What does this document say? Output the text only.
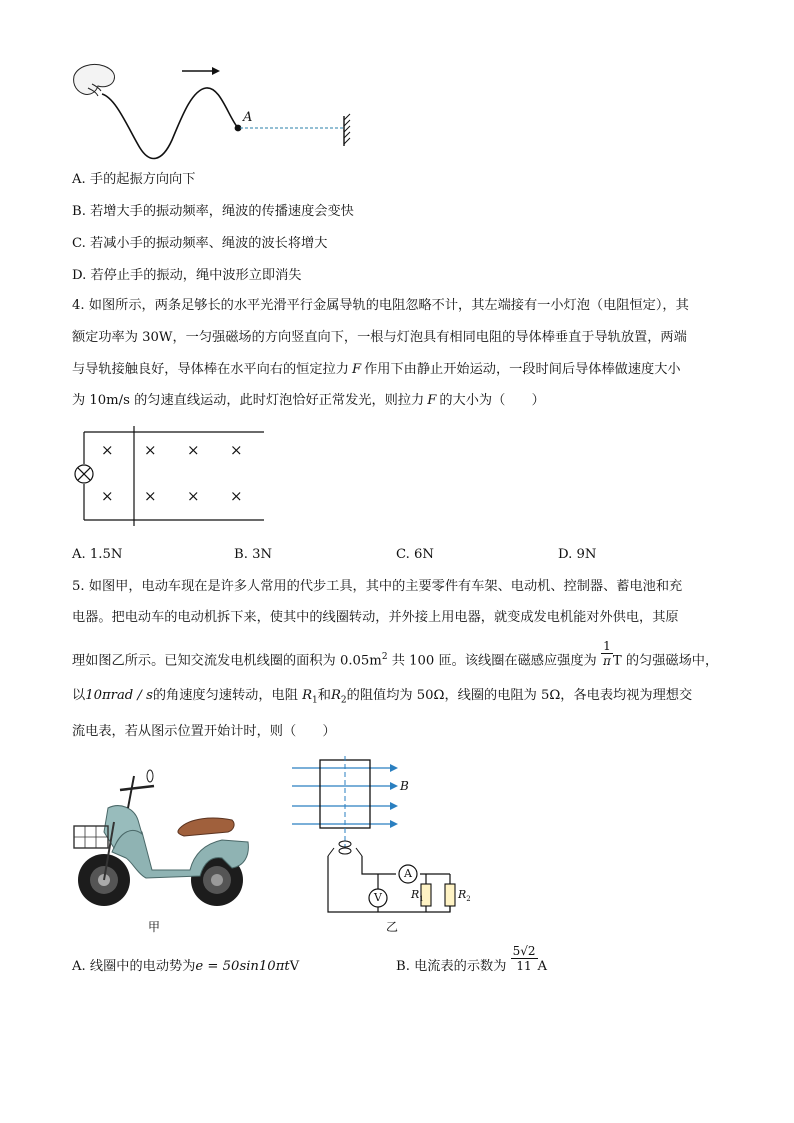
A
A. 手的起振方向向下
B. 若增大手的振动频率，绳波的传播速度会变快
C. 若减小手的振动频率、绳波的波长将增大
D. 若停止手的振动，绳中波形立即消失
4. 如图所示，两条足够长的水平光滑平行金属导轨的电阻忽略不计，其左端接有一小灯泡（电阻恒定），其
额定功率为 30W，一匀强磁场的方向竖直向下，一根与灯泡具有相同电阻的导体棒垂直于导轨放置，两端
与导轨接触良好，导体棒在水平向右的恒定拉力 F 作用下由静止开始运动，一段时间后导体棒做速度大小
为 10m/s 的匀速直线运动，此时灯泡恰好正常发光，则拉力 F 的大小为（　　）
× × × ×
× × × ×
A. 1.5N	B. 3N	C. 6N	D. 9N
5. 如图甲，电动车现在是许多人常用的代步工具，其中的主要零件有车架、电动机、控制器、蓄电池和充
电器。把电动车的电动机拆下来，使其中的线圈转动，并外接上用电器，就变成发电机能对外供电，其原
理如图乙所示。已知交流发电机线圈的面积为 $0.05m^2$ 共 100 匝。该线圈在磁感应强度为 $\frac{1}{\pi}$ T 的匀强磁场中，
以10πrad / s的角速度匀速转动，电阻 $R_1$和$R_2$的阻值均为 50Ω，线圈的电阻为 5Ω，各电表均视为理想交
流电表，若从图示位置开始计时，则（　　）
甲
B
A
V	$R_1$	$R_2$
乙
A. 线圈中的电动势为e = 50sin10πtV	B. 电流表的示数为 $\frac{5√2}{11}$ A
